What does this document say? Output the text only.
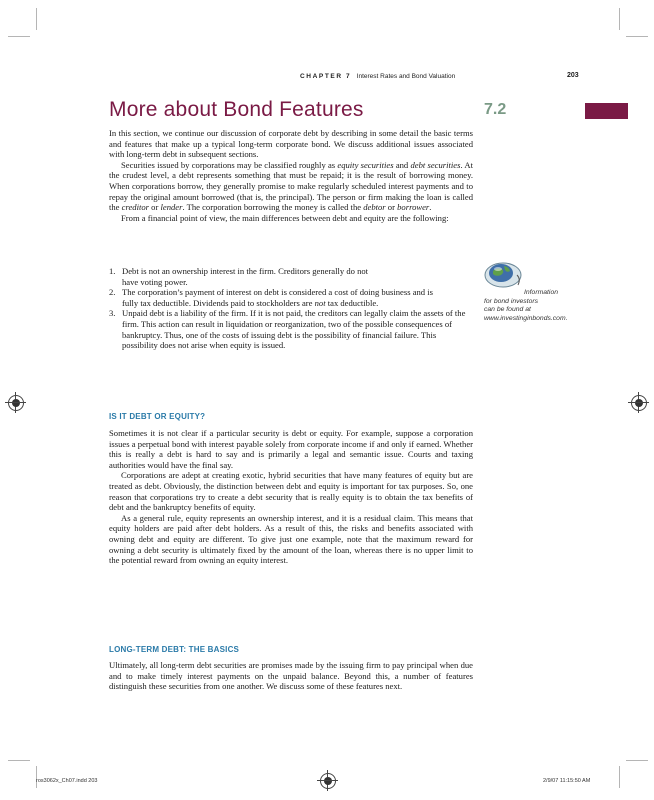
CHAPTER 7 Interest Rates and Bond Valuation	203
More about Bond Features	7.2

In this section, we continue our discussion of corporate debt by describing in some detail the basic terms and features that make up a typical long-term corporate bond. We discuss additional issues associated with long-term debt in subsequent sections.

Securities issued by corporations may be classified roughly as equity securities and debt securities. At the crudest level, a debt represents something that must be repaid; it is the result of borrowing money. When corporations borrow, they generally promise to make regularly scheduled interest payments and to repay the original amount borrowed (that is, the principal). The person or firm making the loan is called the creditor or lender. The corporation borrowing the money is called the debtor or borrower.

From a financial point of view, the main differences between debt and equity are the following:

1. Debt is not an ownership interest in the firm. Creditors generally do not have voting power.
2. The corporation’s payment of interest on debt is considered a cost of doing business and is fully tax deductible. Dividends paid to stockholders are not tax deductible.
3. Unpaid debt is a liability of the firm. If it is not paid, the creditors can legally claim the assets of the firm. This action can result in liquidation or reorganization, two of the possible consequences of bankruptcy. Thus, one of the costs of issuing debt is the possibility of financial failure. This possibility does not arise when equity is issued.
Information
for bond investors
can be found at
www.investinginbonds.com.
IS IT DEBT OR EQUITY?

Sometimes it is not clear if a particular security is debt or equity. For example, suppose a corporation issues a perpetual bond with interest payable solely from corporate income if and only if earned. Whether this is really a debt is hard to say and is primarily a legal and semantic issue. Courts and taxing authorities would have the final say.

Corporations are adept at creating exotic, hybrid securities that have many features of equity but are treated as debt. Obviously, the distinction between debt and equity is important for tax purposes. So, one reason that corporations try to create a debt security that is really equity is to obtain the tax benefits of debt and the bankruptcy benefits of equity.

As a general rule, equity represents an ownership interest, and it is a residual claim. This means that equity holders are paid after debt holders. As a result of this, the risks and benefits associated with owning debt and equity are different. To give just one example, note that the maximum reward for owning a debt security is ultimately fixed by the amount of the loan, whereas there is no upper limit to the potential reward from owning an equity interest.

LONG-TERM DEBT: THE BASICS

Ultimately, all long-term debt securities are promises made by the issuing firm to pay principal when due and to make timely interest payments on the unpaid balance. Beyond this, a number of features distinguish these securities from one another. We discuss some of these features next.

ros3062x_Ch07.indd 203	2/9/07 11:15:50 AM
